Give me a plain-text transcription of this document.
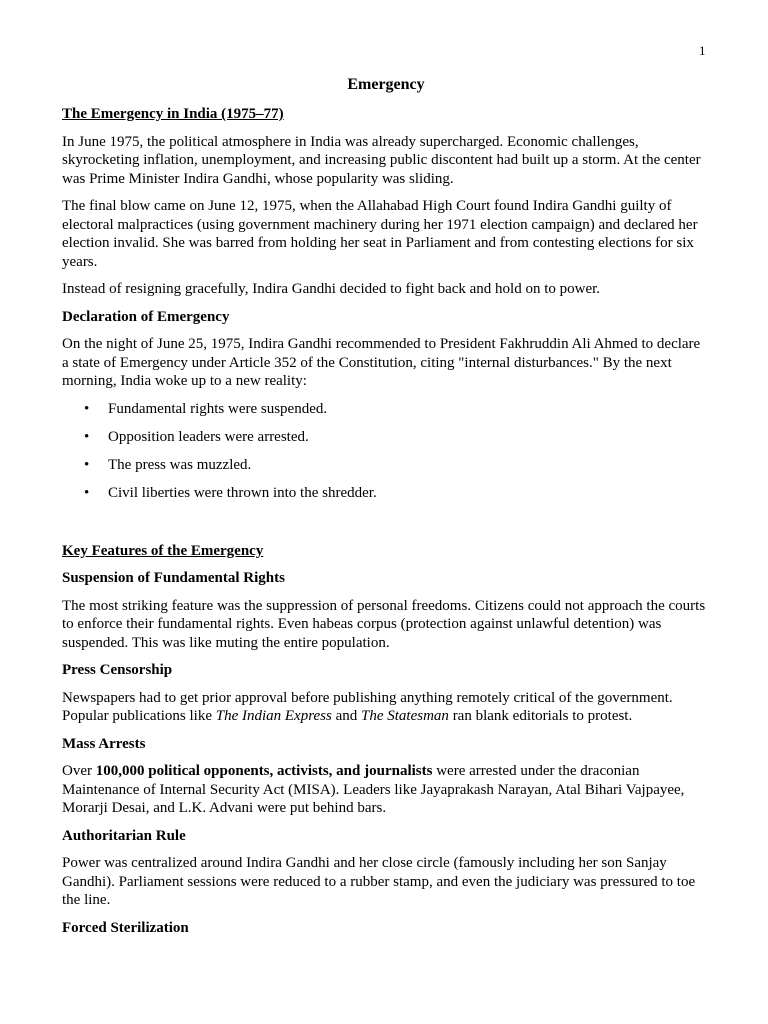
1
Emergency
The Emergency in India (1975–77)

In June 1975, the political atmosphere in India was already supercharged. Economic challenges, skyrocketing inflation, unemployment, and increasing public discontent had built up a storm. At the center was Prime Minister Indira Gandhi, whose popularity was sliding.

The final blow came on June 12, 1975, when the Allahabad High Court found Indira Gandhi guilty of electoral malpractices (using government machinery during her 1971 election campaign) and declared her election invalid. She was barred from holding her seat in Parliament and from contesting elections for six years.

Instead of resigning gracefully, Indira Gandhi decided to fight back and hold on to power.

Declaration of Emergency

On the night of June 25, 1975, Indira Gandhi recommended to President Fakhruddin Ali Ahmed to declare a state of Emergency under Article 352 of the Constitution, citing "internal disturbances." By the next morning, India woke up to a new reality:

• Fundamental rights were suspended.
• Opposition leaders were arrested.
• The press was muzzled.
• Civil liberties were thrown into the shredder.
Key Features of the Emergency
Suspension of Fundamental Rights

The most striking feature was the suppression of personal freedoms. Citizens could not approach the courts to enforce their fundamental rights. Even habeas corpus (protection against unlawful detention) was suspended. This was like muting the entire population.

Press Censorship

Newspapers had to get prior approval before publishing anything remotely critical of the government. Popular publications like The Indian Express and The Statesman ran blank editorials to protest.

Mass Arrests

Over 100,000 political opponents, activists, and journalists were arrested under the draconian Maintenance of Internal Security Act (MISA). Leaders like Jayaprakash Narayan, Atal Bihari Vajpayee, Morarji Desai, and L.K. Advani were put behind bars.

Authoritarian Rule

Power was centralized around Indira Gandhi and her close circle (famously including her son Sanjay Gandhi). Parliament sessions were reduced to a rubber stamp, and even the judiciary was pressured to toe the line.

Forced Sterilization
